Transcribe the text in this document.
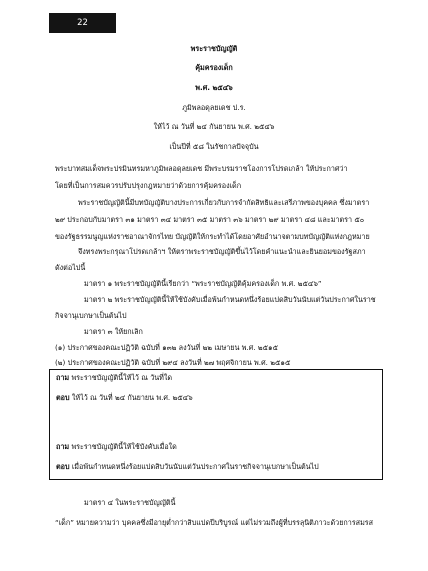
22
พระราชบัญญัติ
คุ้มครองเด็ก
พ.ศ. ๒๕๔๖
ภูมิพลอดุลยเดช ป.ร.
ให้ไว้ ณ วันที่ ๒๔ กันยายน พ.ศ. ๒๕๔๖
เป็นปีที่ ๕๘ ในรัชกาลปัจจุบัน
พระบาทสมเด็จพระปรมินทรมหาภูมิพลอดุลยเดช มีพระบรมราชโองการโปรดเกล้า ให้ประกาศว่า
โดยที่เป็นการสมควรปรับปรุงกฎหมายว่าด้วยการคุ้มครองเด็ก
พระราชบัญญัตินี้มีบทบัญญัติบางประการเกี่ยวกับการจำกัดสิทธิและเสรีภาพของบุคคล ซึ่งมาตรา
๒๙ ประกอบกับมาตรา ๓๑ มาตรา ๓๔ มาตรา ๓๕ มาตรา ๓๖ มาตรา ๒๙ มาตรา ๔๘ และมาตรา ๕๐
ของรัฐธรรมนูญแห่งราชอาณาจักรไทย บัญญัติให้กระทำได้โดยอาศัยอำนาจตามบทบัญญัติแห่งกฎหมาย
จึงทรงพระกรุณาโปรดเกล้าฯ ให้ตราพระราชบัญญัติขึ้นไว้โดยคำแนะนำและยินยอมของรัฐสภา
ดังต่อไปนี้
มาตรา ๑ พระราชบัญญัตินี้เรียกว่า “พระราชบัญญัติคุ้มครองเด็ก พ.ศ. ๒๕๔๖”
มาตรา ๒ พระราชบัญญัตินี้ให้ใช้บังคับเมื่อพ้นกำหนดหนึ่งร้อยแปดสิบวันนับแต่วันประกาศในราช
กิจจานุเบกษาเป็นต้นไป
มาตรา ๓ ให้ยกเลิก
(๑) ประกาศของคณะปฏิวัติ ฉบับที่ ๑๓๒ ลงวันที่ ๒๒ เมษายน พ.ศ. ๒๕๑๕
ถาม พระราชบัญญัตินี้ให้ไว้ ณ วันที่ใด
ตอบ ให้ไว้ ณ วันที่ ๒๔ กันยายน พ.ศ. ๒๕๔๖
ถาม พระราชบัญญัตินี้ให้ใช้บังคับเมื่อใด
ตอบ เมื่อพ้นกำหนดหนึ่งร้อยแปดสิบวันนับแต่วันประกาศในราชกิจจานุเบกษาเป็นต้นไป
มาตรา ๔ ในพระราชบัญญัตินี้
“เด็ก” หมายความว่า บุคคลซึ่งมีอายุต่ำกว่าสิบแปดปีบริบูรณ์ แต่ไม่รวมถึงผู้ที่บรรลุนิติภาวะด้วยการสมรส
(๒) ประกาศของคณะปฏิวัติ ฉบับที่ ๒๙๔ ลงวันที่ ๒๗ พฤศจิกายน พ.ศ. ๒๕๑๕
